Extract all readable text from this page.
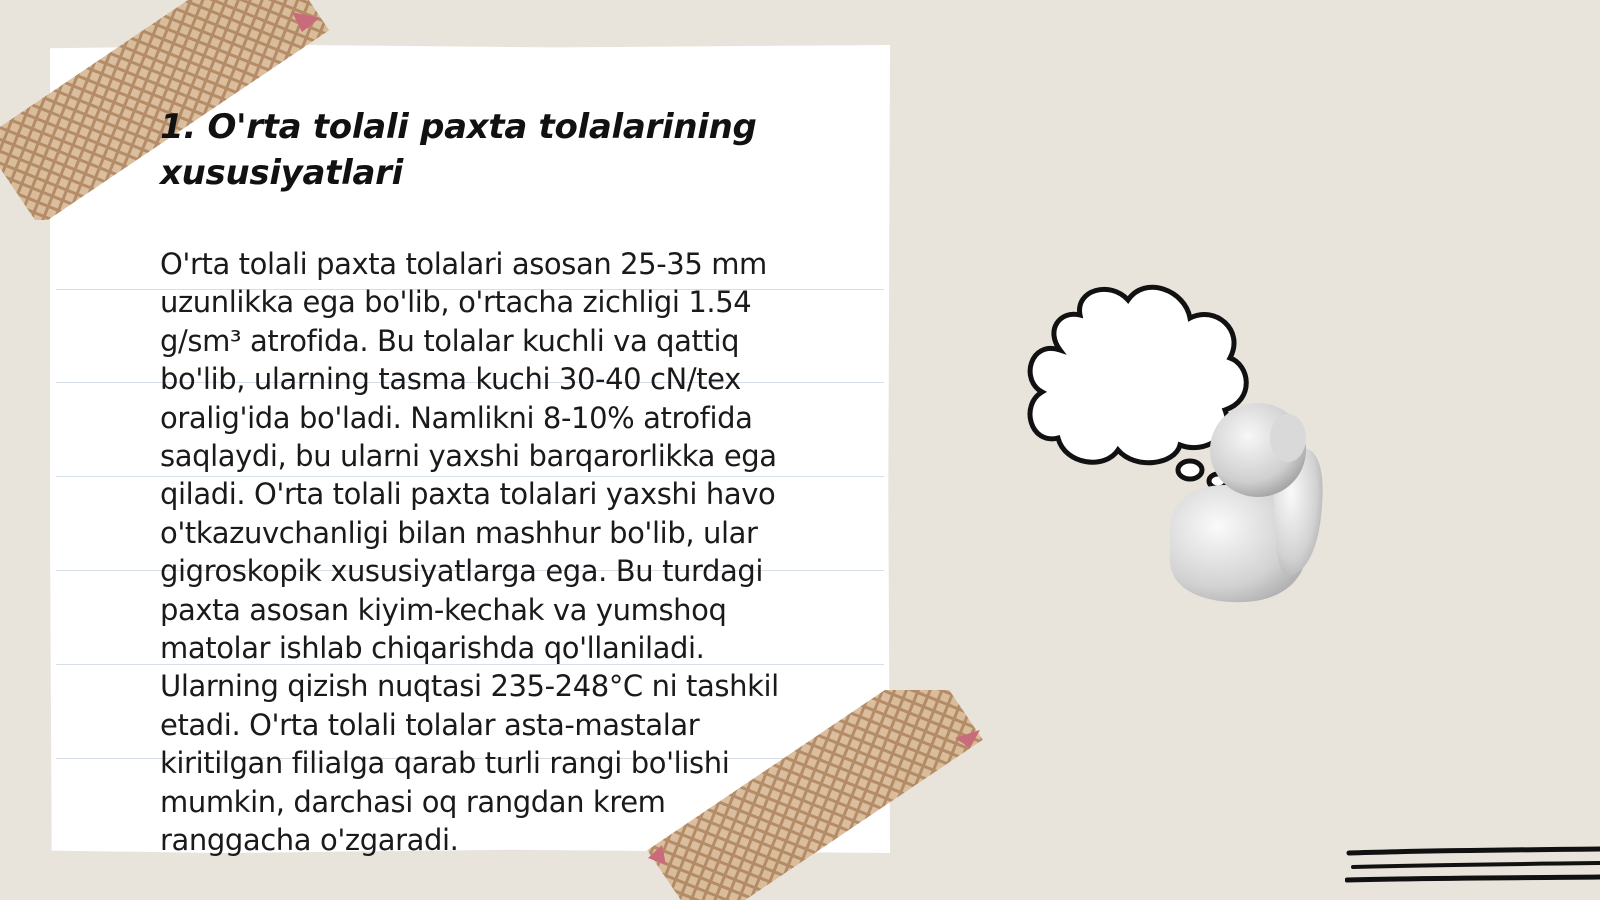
1. O'rta tolali paxta tolalarining xususiyatlari

O'rta tolali paxta tolalari asosan 25-35 mm uzunlikka ega bo'lib, o'rtacha zichligi 1.54 g/sm³ atrofida. Bu tolalar kuchli va qattiq bo'lib, ularning tasma kuchi 30-40 cN/tex oralig'ida bo'ladi. Namlikni 8-10% atrofida saqlaydi, bu ularni yaxshi barqarorlikka ega qiladi. O'rta tolali paxta tolalari yaxshi havo o'tkazuvchanligi bilan mashhur bo'lib, ular gigroskopik xususiyatlarga ega. Bu turdagi paxta asosan kiyim-kechak va yumshoq matolar ishlab chiqarishda qo'llaniladi. Ularning qizish nuqtasi 235-248°C ni tashkil etadi. O'rta tolali tolalar asta-mastalar kiritilgan filialga qarab turli rangi bo'lishi mumkin, darchasi oq rangdan krem ranggacha o'zgaradi.
